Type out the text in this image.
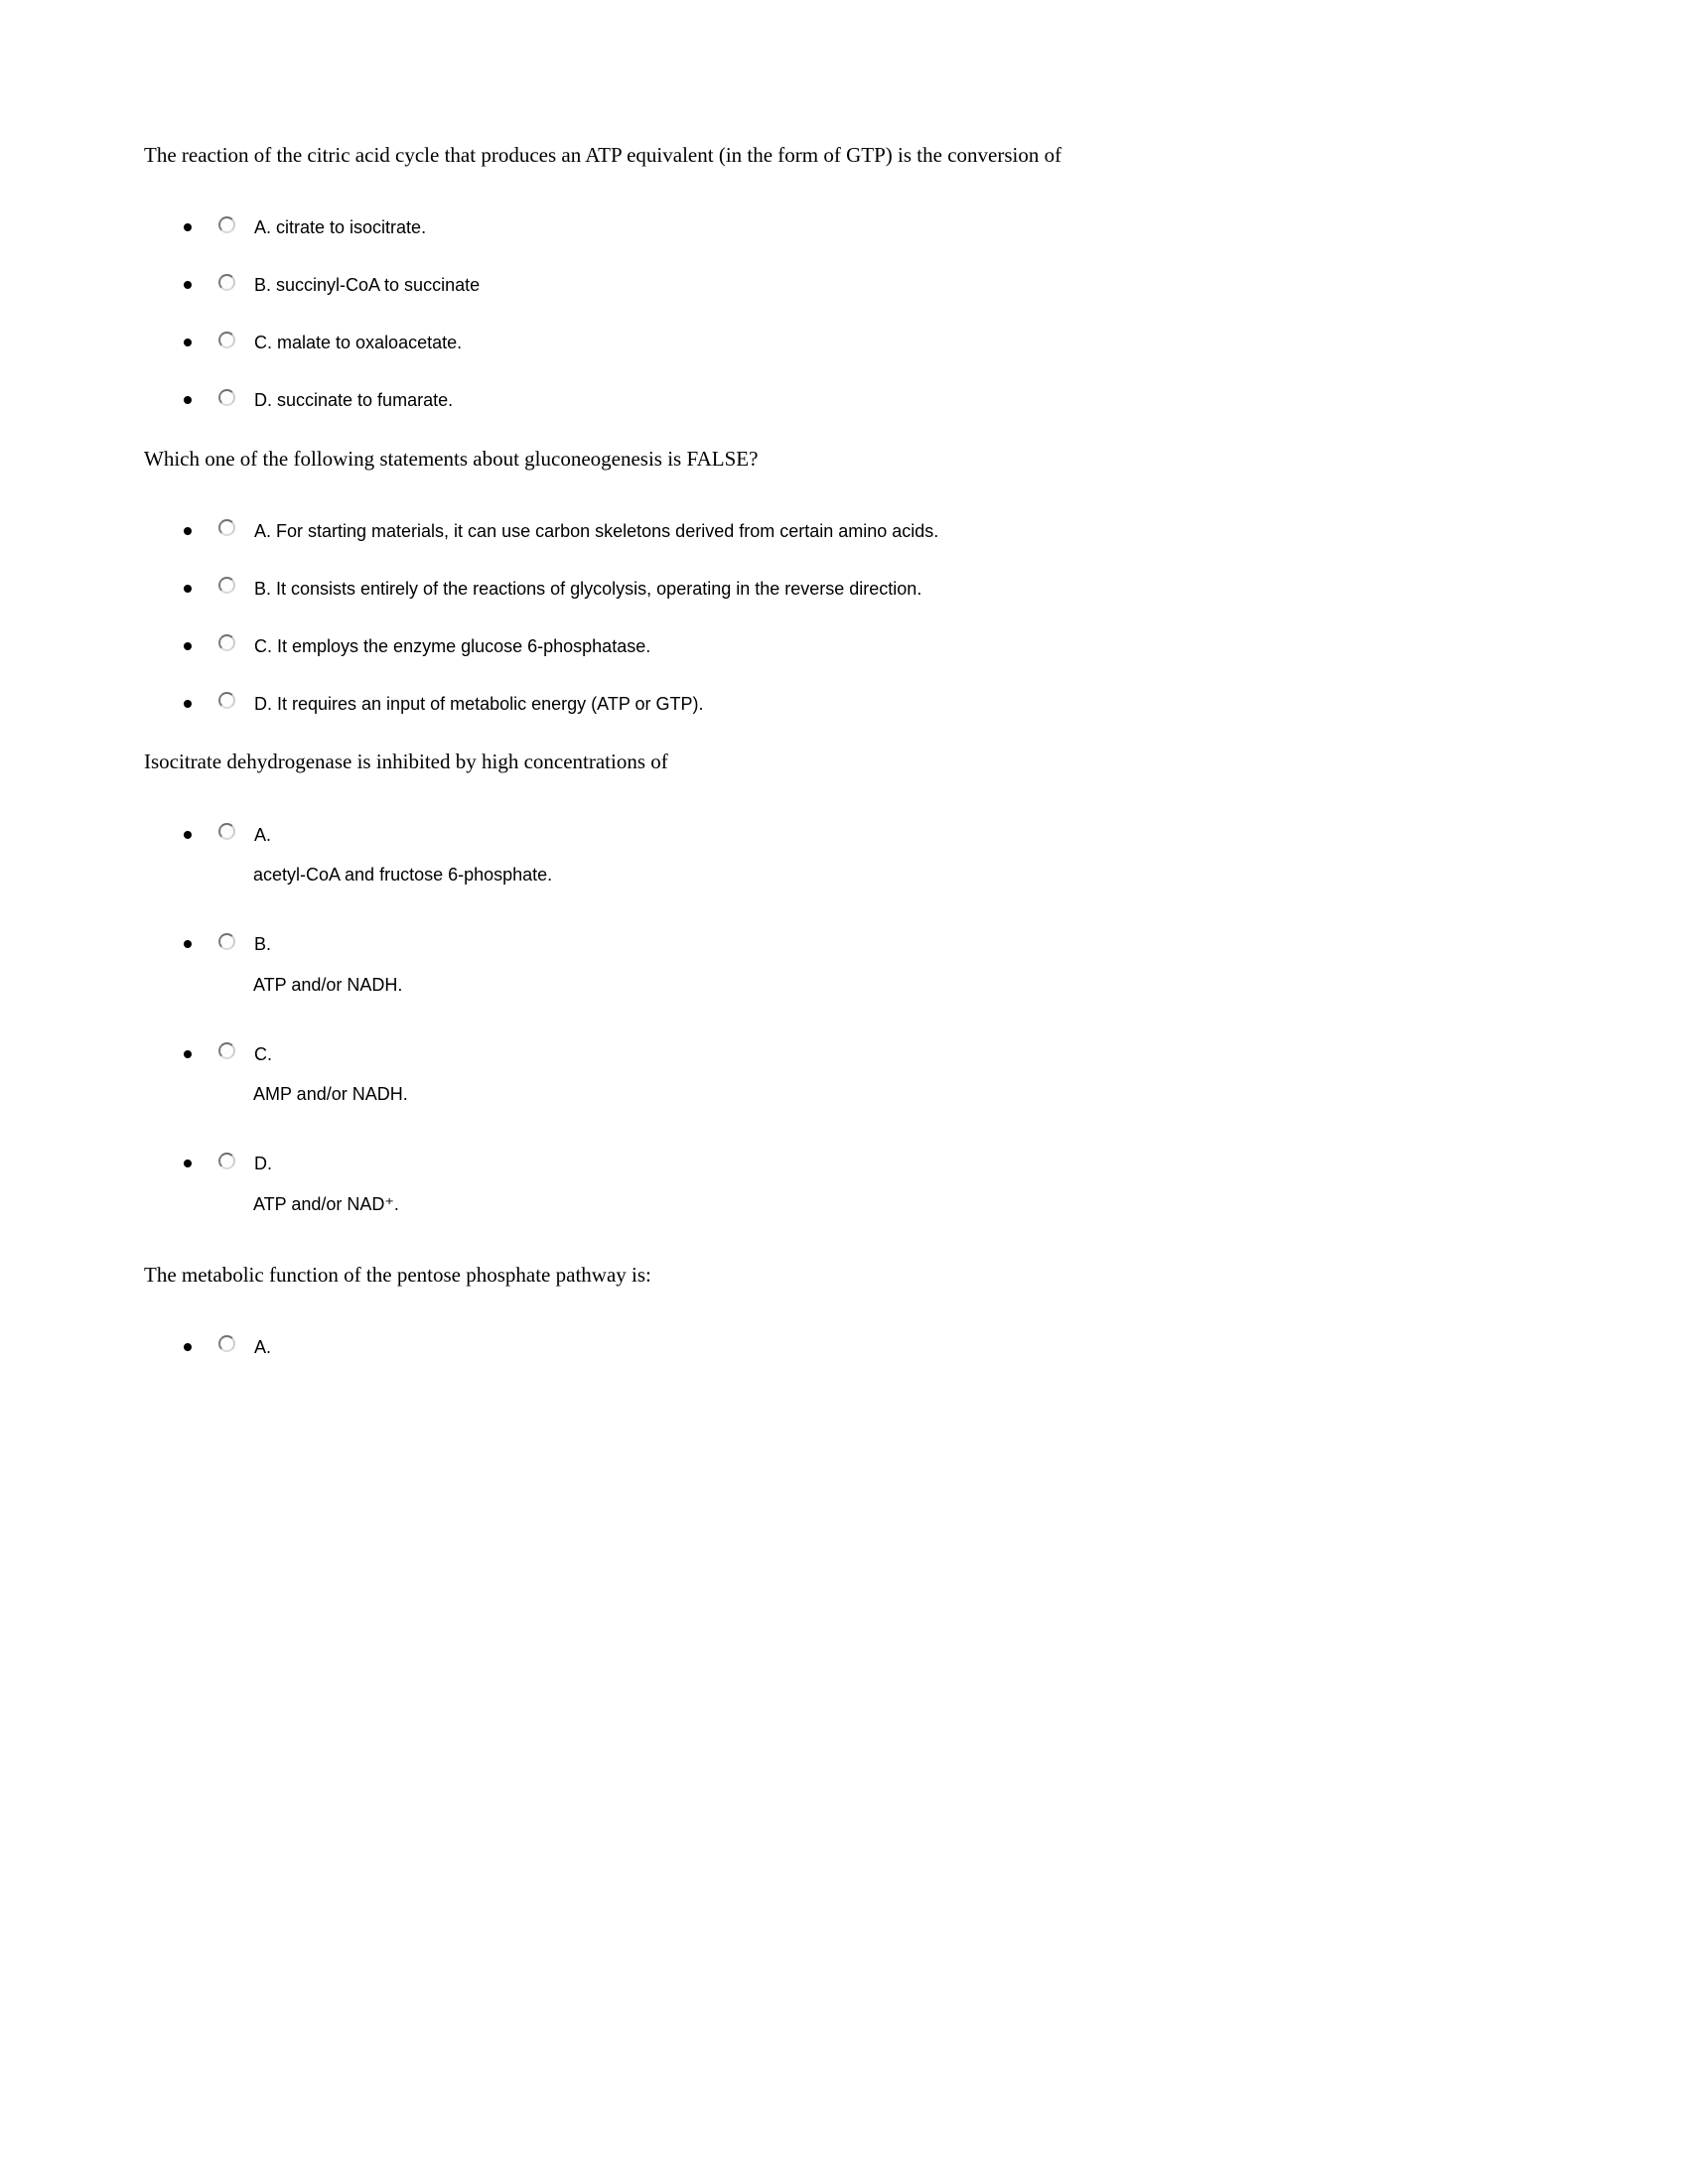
The reaction of the citric acid cycle that produces an ATP equivalent (in the form of GTP) is the conversion of

A. citrate to isocitrate.
B. succinyl-CoA to succinate
C. malate to oxaloacetate.
D. succinate to fumarate.

Which one of the following statements about gluconeogenesis is FALSE?

A. For starting materials, it can use carbon skeletons derived from certain amino acids.
B. It consists entirely of the reactions of glycolysis, operating in the reverse direction.
C. It employs the enzyme glucose 6-phosphatase.
D. It requires an input of metabolic energy (ATP or GTP).

Isocitrate dehydrogenase is inhibited by high concentrations of

A.
acetyl-CoA and fructose 6-phosphate.
B.
ATP and/or NADH.
C.
AMP and/or NADH.
D.
ATP and/or NAD⁺.

The metabolic function of the pentose phosphate pathway is:

A.
